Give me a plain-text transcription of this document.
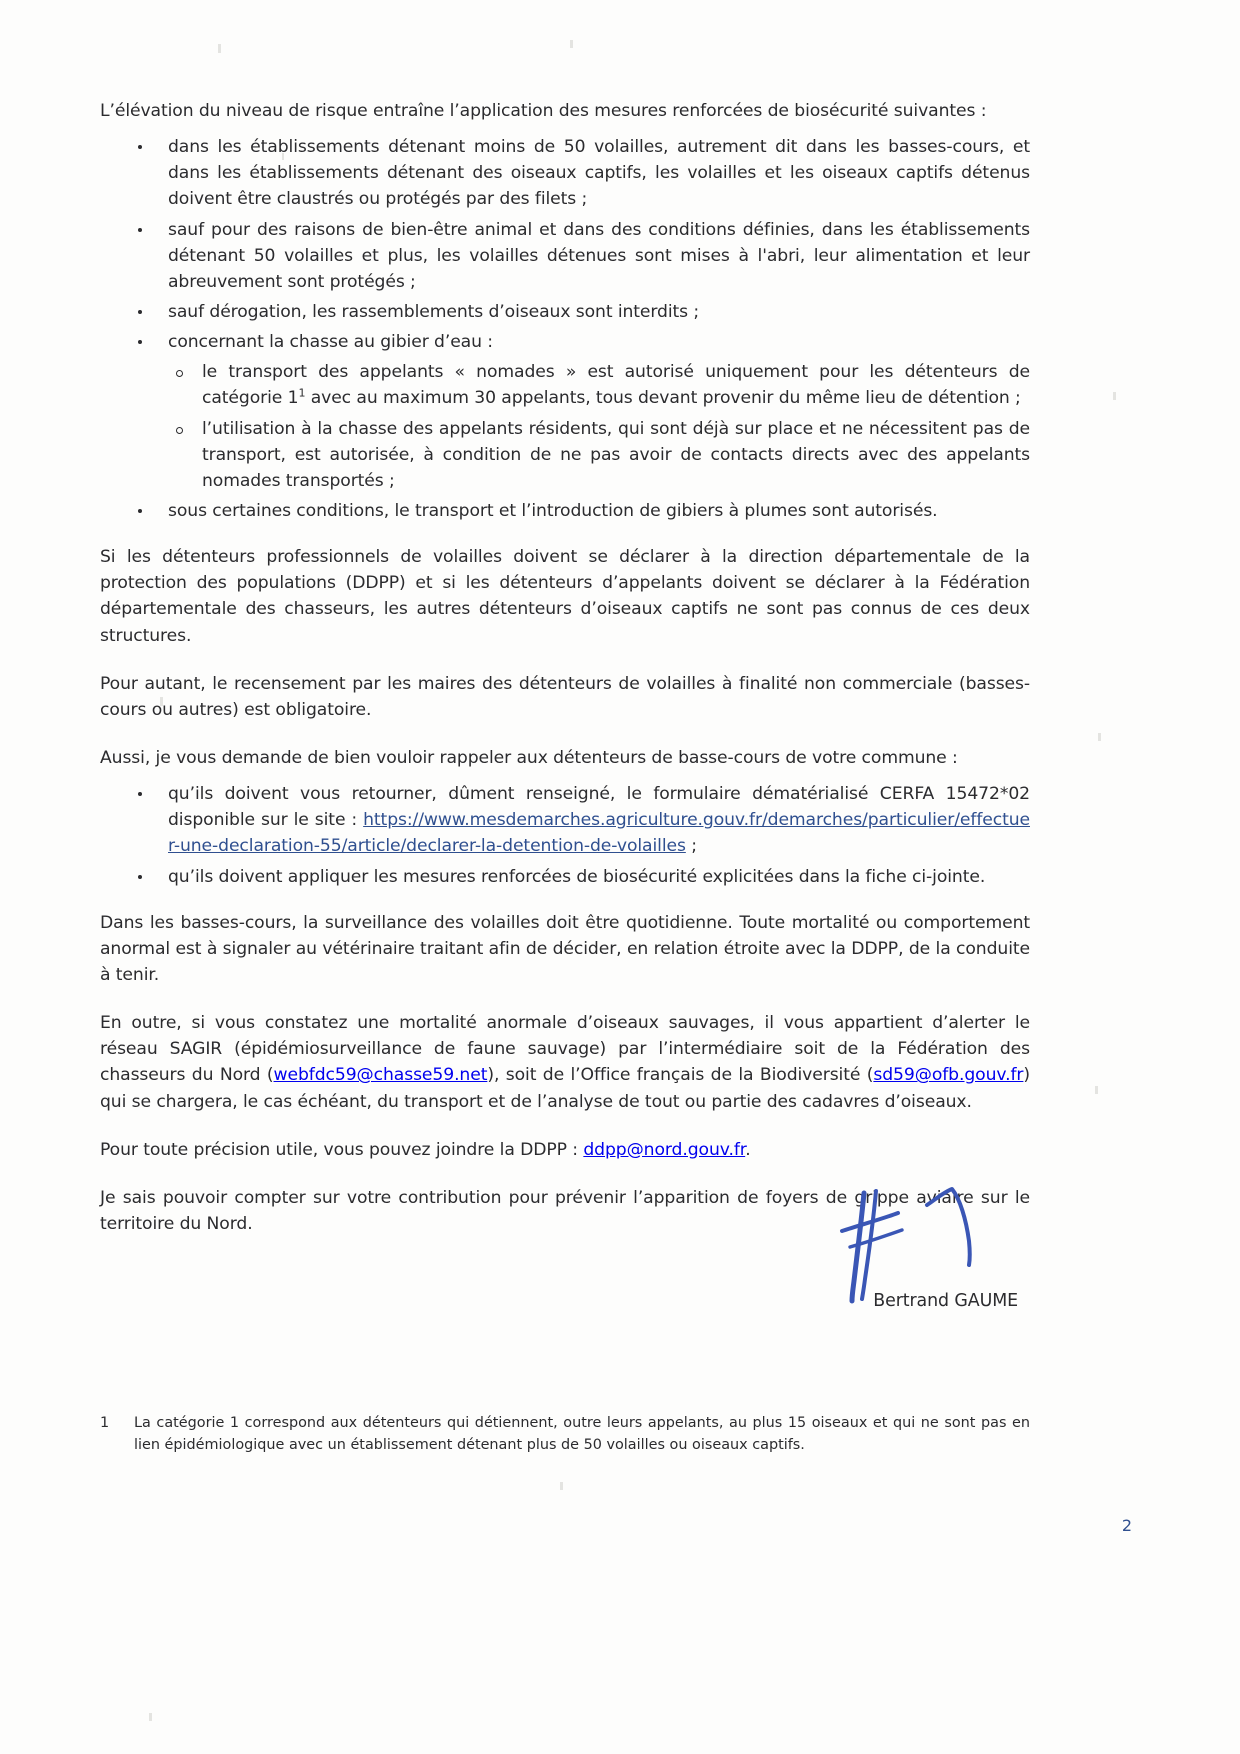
L’élévation du niveau de risque entraîne l’application des mesures renforcées de biosécurité suivantes :

dans les établissements détenant moins de 50 volailles, autrement dit dans les basses-cours, et dans les établissements détenant des oiseaux captifs, les volailles et les oiseaux captifs détenus doivent être claustrés ou protégés par des filets ;
sauf pour des raisons de bien-être animal et dans des conditions définies, dans les établissements détenant 50 volailles et plus, les volailles détenues sont mises à l'abri, leur alimentation et leur abreuvement sont protégés ;
sauf dérogation, les rassemblements d’oiseaux sont interdits ;
concernant la chasse au gibier d’eau :
le transport des appelants « nomades » est autorisé uniquement pour les détenteurs de catégorie 1$^1$ avec au maximum 30 appelants, tous devant provenir du même lieu de détention ;
l’utilisation à la chasse des appelants résidents, qui sont déjà sur place et ne nécessitent pas de transport, est autorisée, à condition de ne pas avoir de contacts directs avec des appelants nomades transportés ;
sous certaines conditions, le transport et l’introduction de gibiers à plumes sont autorisés.

Si les détenteurs professionnels de volailles doivent se déclarer à la direction départementale de la protection des populations (DDPP) et si les détenteurs d’appelants doivent se déclarer à la Fédération départementale des chasseurs, les autres détenteurs d’oiseaux captifs ne sont pas connus de ces deux structures.

Pour autant, le recensement par les maires des détenteurs de volailles à finalité non commerciale (basses-cours ou autres) est obligatoire.

Aussi, je vous demande de bien vouloir rappeler aux détenteurs de basse-cours de votre commune :

qu’ils doivent vous retourner, dûment renseigné, le formulaire dématérialisé CERFA 15472*02 disponible sur le site : https://www.mesdemarches.agriculture.gouv.fr/demarches/particulier/effectuer-une-declaration-55/article/declarer-la-detention-de-volailles ;
qu’ils doivent appliquer les mesures renforcées de biosécurité explicitées dans la fiche ci-jointe.

Dans les basses-cours, la surveillance des volailles doit être quotidienne. Toute mortalité ou comportement anormal est à signaler au vétérinaire traitant afin de décider, en relation étroite avec la DDPP, de la conduite à tenir.

En outre, si vous constatez une mortalité anormale d’oiseaux sauvages, il vous appartient d’alerter le réseau SAGIR (épidémiosurveillance de faune sauvage) par l’intermédiaire soit de la Fédération des chasseurs du Nord (webfdc59@chasse59.net), soit de l’Office français de la Biodiversité (sd59@ofb.gouv.fr) qui se chargera, le cas échéant, du transport et de l’analyse de tout ou partie des cadavres d’oiseaux.

Pour toute précision utile, vous pouvez joindre la DDPP : ddpp@nord.gouv.fr.

Je sais pouvoir compter sur votre contribution pour prévenir l’apparition de foyers de grippe aviaire sur le territoire du Nord.

Bertrand GAUME
1	La catégorie 1 correspond aux détenteurs qui détiennent, outre leurs appelants, au plus 15 oiseaux et qui ne sont pas en lien épidémiologique avec un établissement détenant plus de 50 volailles ou oiseaux captifs.
2
